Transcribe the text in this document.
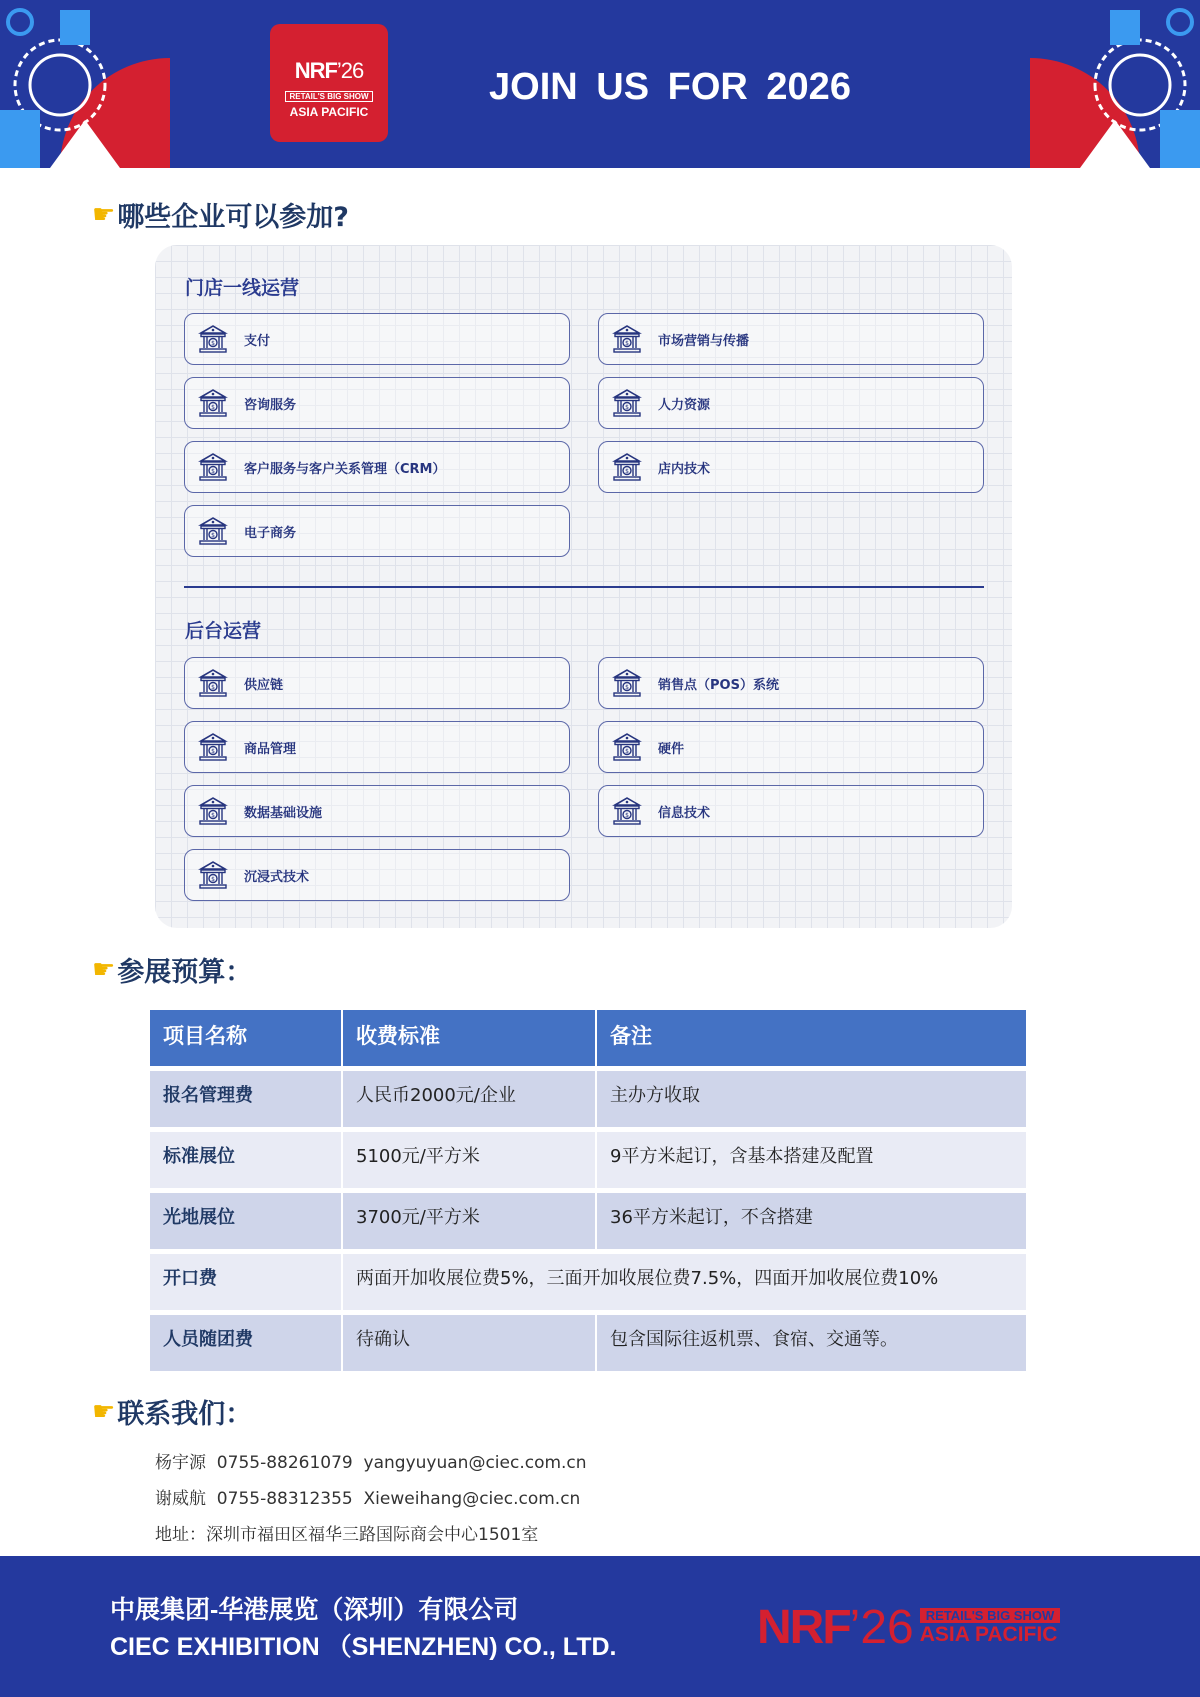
NRF’26
RETAIL'S BIG SHOW
ASIA PACIFIC
JOIN US FOR 2026
☛ 哪些企业可以参加?
门店一线运营
$ 支付	$ 市场营销与传播
$ 咨询服务	$ 人力资源
$ 客户服务与客户关系管理（CRM）	$ 店内技术
$ 电子商务
后台运营
$ 供应链	$ 销售点（POS）系统
$ 商品管理	$ 硬件
$ 数据基础设施	$ 信息技术
$ 沉浸式技术
☛ 参展预算：
项目名称	收费标准	备注
报名管理费	人民币2000元/企业	主办方收取
标准展位	5100元/平方米	9平方米起订，含基本搭建及配置
光地展位	3700元/平方米	36平方米起订，不含搭建
开口费	两面开加收展位费5%，三面开加收展位费7.5%，四面开加收展位费10%	
人员随团费	待确认	包含国际往返机票、食宿、交通等。
☛ 联系我们：
杨宇源  0755-88261079  yangyuyuan@ciec.com.cn
谢威航  0755-88312355  Xieweihang@ciec.com.cn
地址：深圳市福田区福华三路国际商会中心1501室
中展集团-华港展览（深圳）有限公司
CIEC EXHIBITION （SHENZHEN) CO., LTD.	NRF ’26 RETAIL'S BIG SHOW
ASIA PACIFIC
